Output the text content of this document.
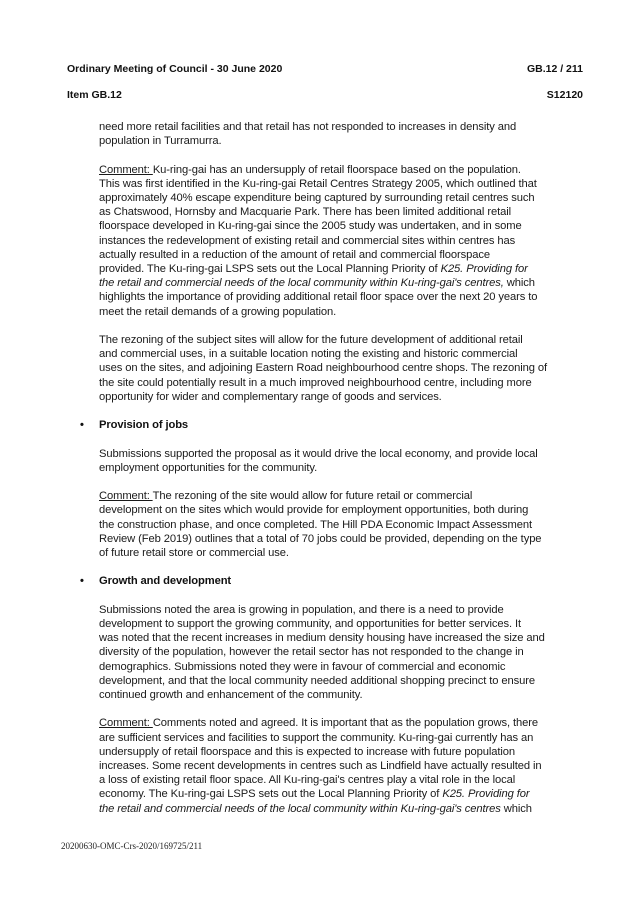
Ordinary Meeting of Council - 30 June 2020	GB.12 / 211
Item GB.12	S12120
need more retail facilities and that retail has not responded to increases in density and
population in Turramurra.
Comment: Ku-ring-gai has an undersupply of retail floorspace based on the population.
This was first identified in the Ku-ring-gai Retail Centres Strategy 2005, which outlined that
approximately 40% escape expenditure being captured by surrounding retail centres such
as Chatswood, Hornsby and Macquarie Park. There has been limited additional retail
floorspace developed in Ku-ring-gai since the 2005 study was undertaken, and in some
instances the redevelopment of existing retail and commercial sites within centres has
actually resulted in a reduction of the amount of retail and commercial floorspace
provided. The Ku-ring-gai LSPS sets out the Local Planning Priority of K25. Providing for
the retail and commercial needs of the local community within Ku-ring-gai's centres, which
highlights the importance of providing additional retail floor space over the next 20 years to
meet the retail demands of a growing population.
The rezoning of the subject sites will allow for the future development of additional retail
and commercial uses, in a suitable location noting the existing and historic commercial
uses on the sites, and adjoining Eastern Road neighbourhood centre shops. The rezoning of
the site could potentially result in a much improved neighbourhood centre, including more
opportunity for wider and complementary range of goods and services.
• Provision of jobs
Submissions supported the proposal as it would drive the local economy, and provide local
employment opportunities for the community.
Comment: The rezoning of the site would allow for future retail or commercial
development on the sites which would provide for employment opportunities, both during
the construction phase, and once completed. The Hill PDA Economic Impact Assessment
Review (Feb 2019) outlines that a total of 70 jobs could be provided, depending on the type
of future retail store or commercial use.
• Growth and development
Submissions noted the area is growing in population, and there is a need to provide
development to support the growing community, and opportunities for better services. It
was noted that the recent increases in medium density housing have increased the size and
diversity of the population, however the retail sector has not responded to the change in
demographics. Submissions noted they were in favour of commercial and economic
development, and that the local community needed additional shopping precinct to ensure
continued growth and enhancement of the community.
Comment: Comments noted and agreed. It is important that as the population grows, there
are sufficient services and facilities to support the community. Ku-ring-gai currently has an
undersupply of retail floorspace and this is expected to increase with future population
increases. Some recent developments in centres such as Lindfield have actually resulted in
a loss of existing retail floor space. All Ku-ring-gai's centres play a vital role in the local
economy. The Ku-ring-gai LSPS sets out the Local Planning Priority of K25. Providing for
the retail and commercial needs of the local community within Ku-ring-gai's centres which
20200630-OMC-Crs-2020/169725/211
